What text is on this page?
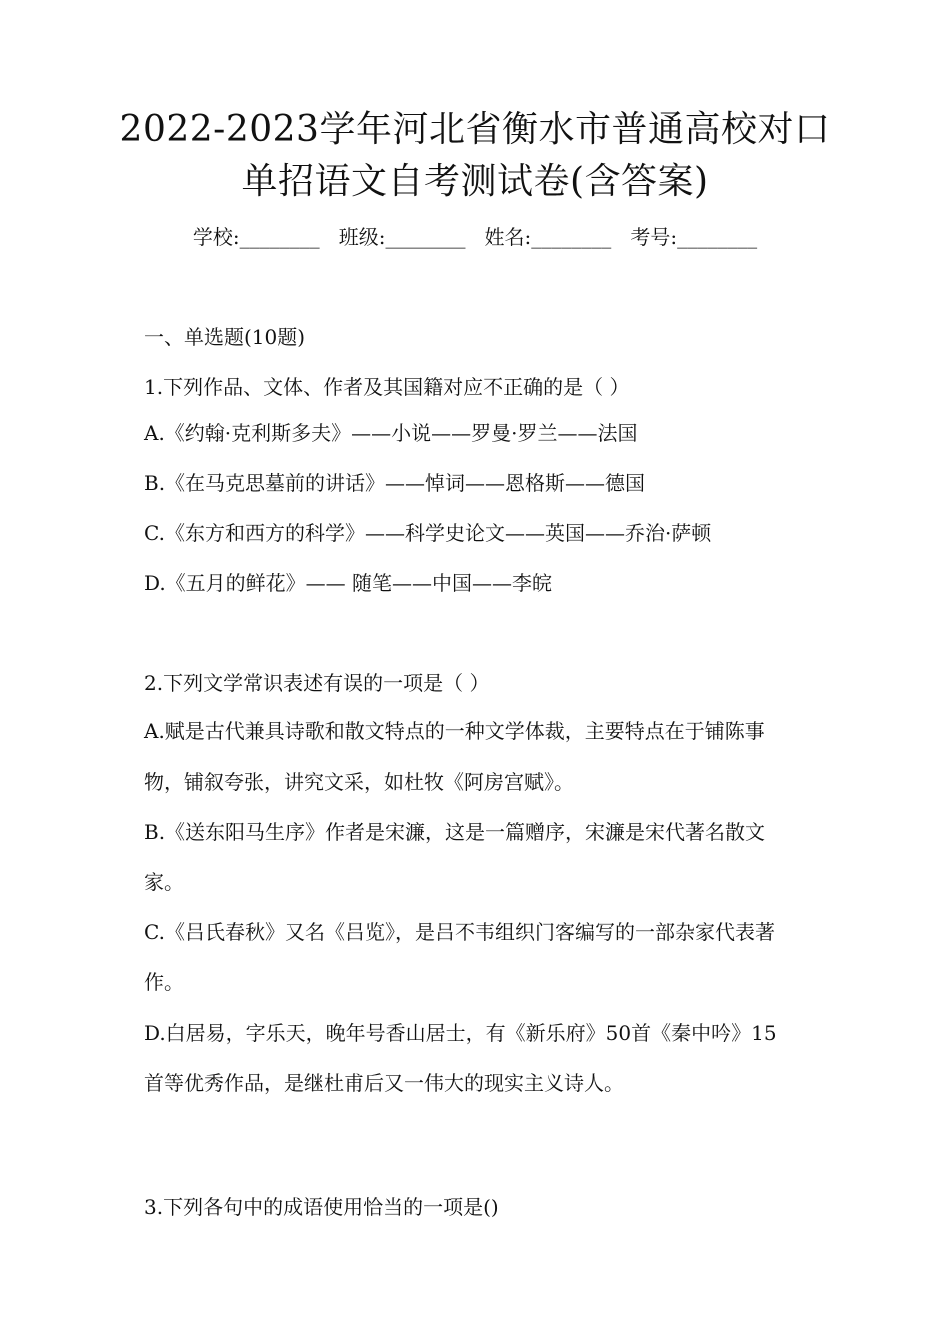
2022-2023学年河北省衡水市普通高校对口
单招语文自考测试卷(含答案)
学校:________ 班级:________ 姓名:________ 考号:________
一、单选题(10题)
1.下列作品、文体、作者及其国籍对应不正确的是（ ）
A.《约翰·克利斯多夫》——小说——罗曼·罗兰——法国
B.《在马克思墓前的讲话》——悼词——恩格斯——德国
C.《东方和西方的科学》——科学史论文——英国——乔治·萨顿
D.《五月的鲜花》—— 随笔——中国——李皖
2.下列文学常识表述有误的一项是（ ）
A.赋是古代兼具诗歌和散文特点的一种文学体裁，主要特点在于铺陈事
物，铺叙夸张，讲究文采，如杜牧《阿房宫赋》。
B.《送东阳马生序》作者是宋濂，这是一篇赠序，宋濂是宋代著名散文
家。
C.《吕氏春秋》又名《吕览》，是吕不韦组织门客编写的一部杂家代表著
作。
D.白居易，字乐天，晚年号香山居士，有《新乐府》50首《秦中吟》15
首等优秀作品，是继杜甫后又一伟大的现实主义诗人。
3.下列各句中的成语使用恰当的一项是()
